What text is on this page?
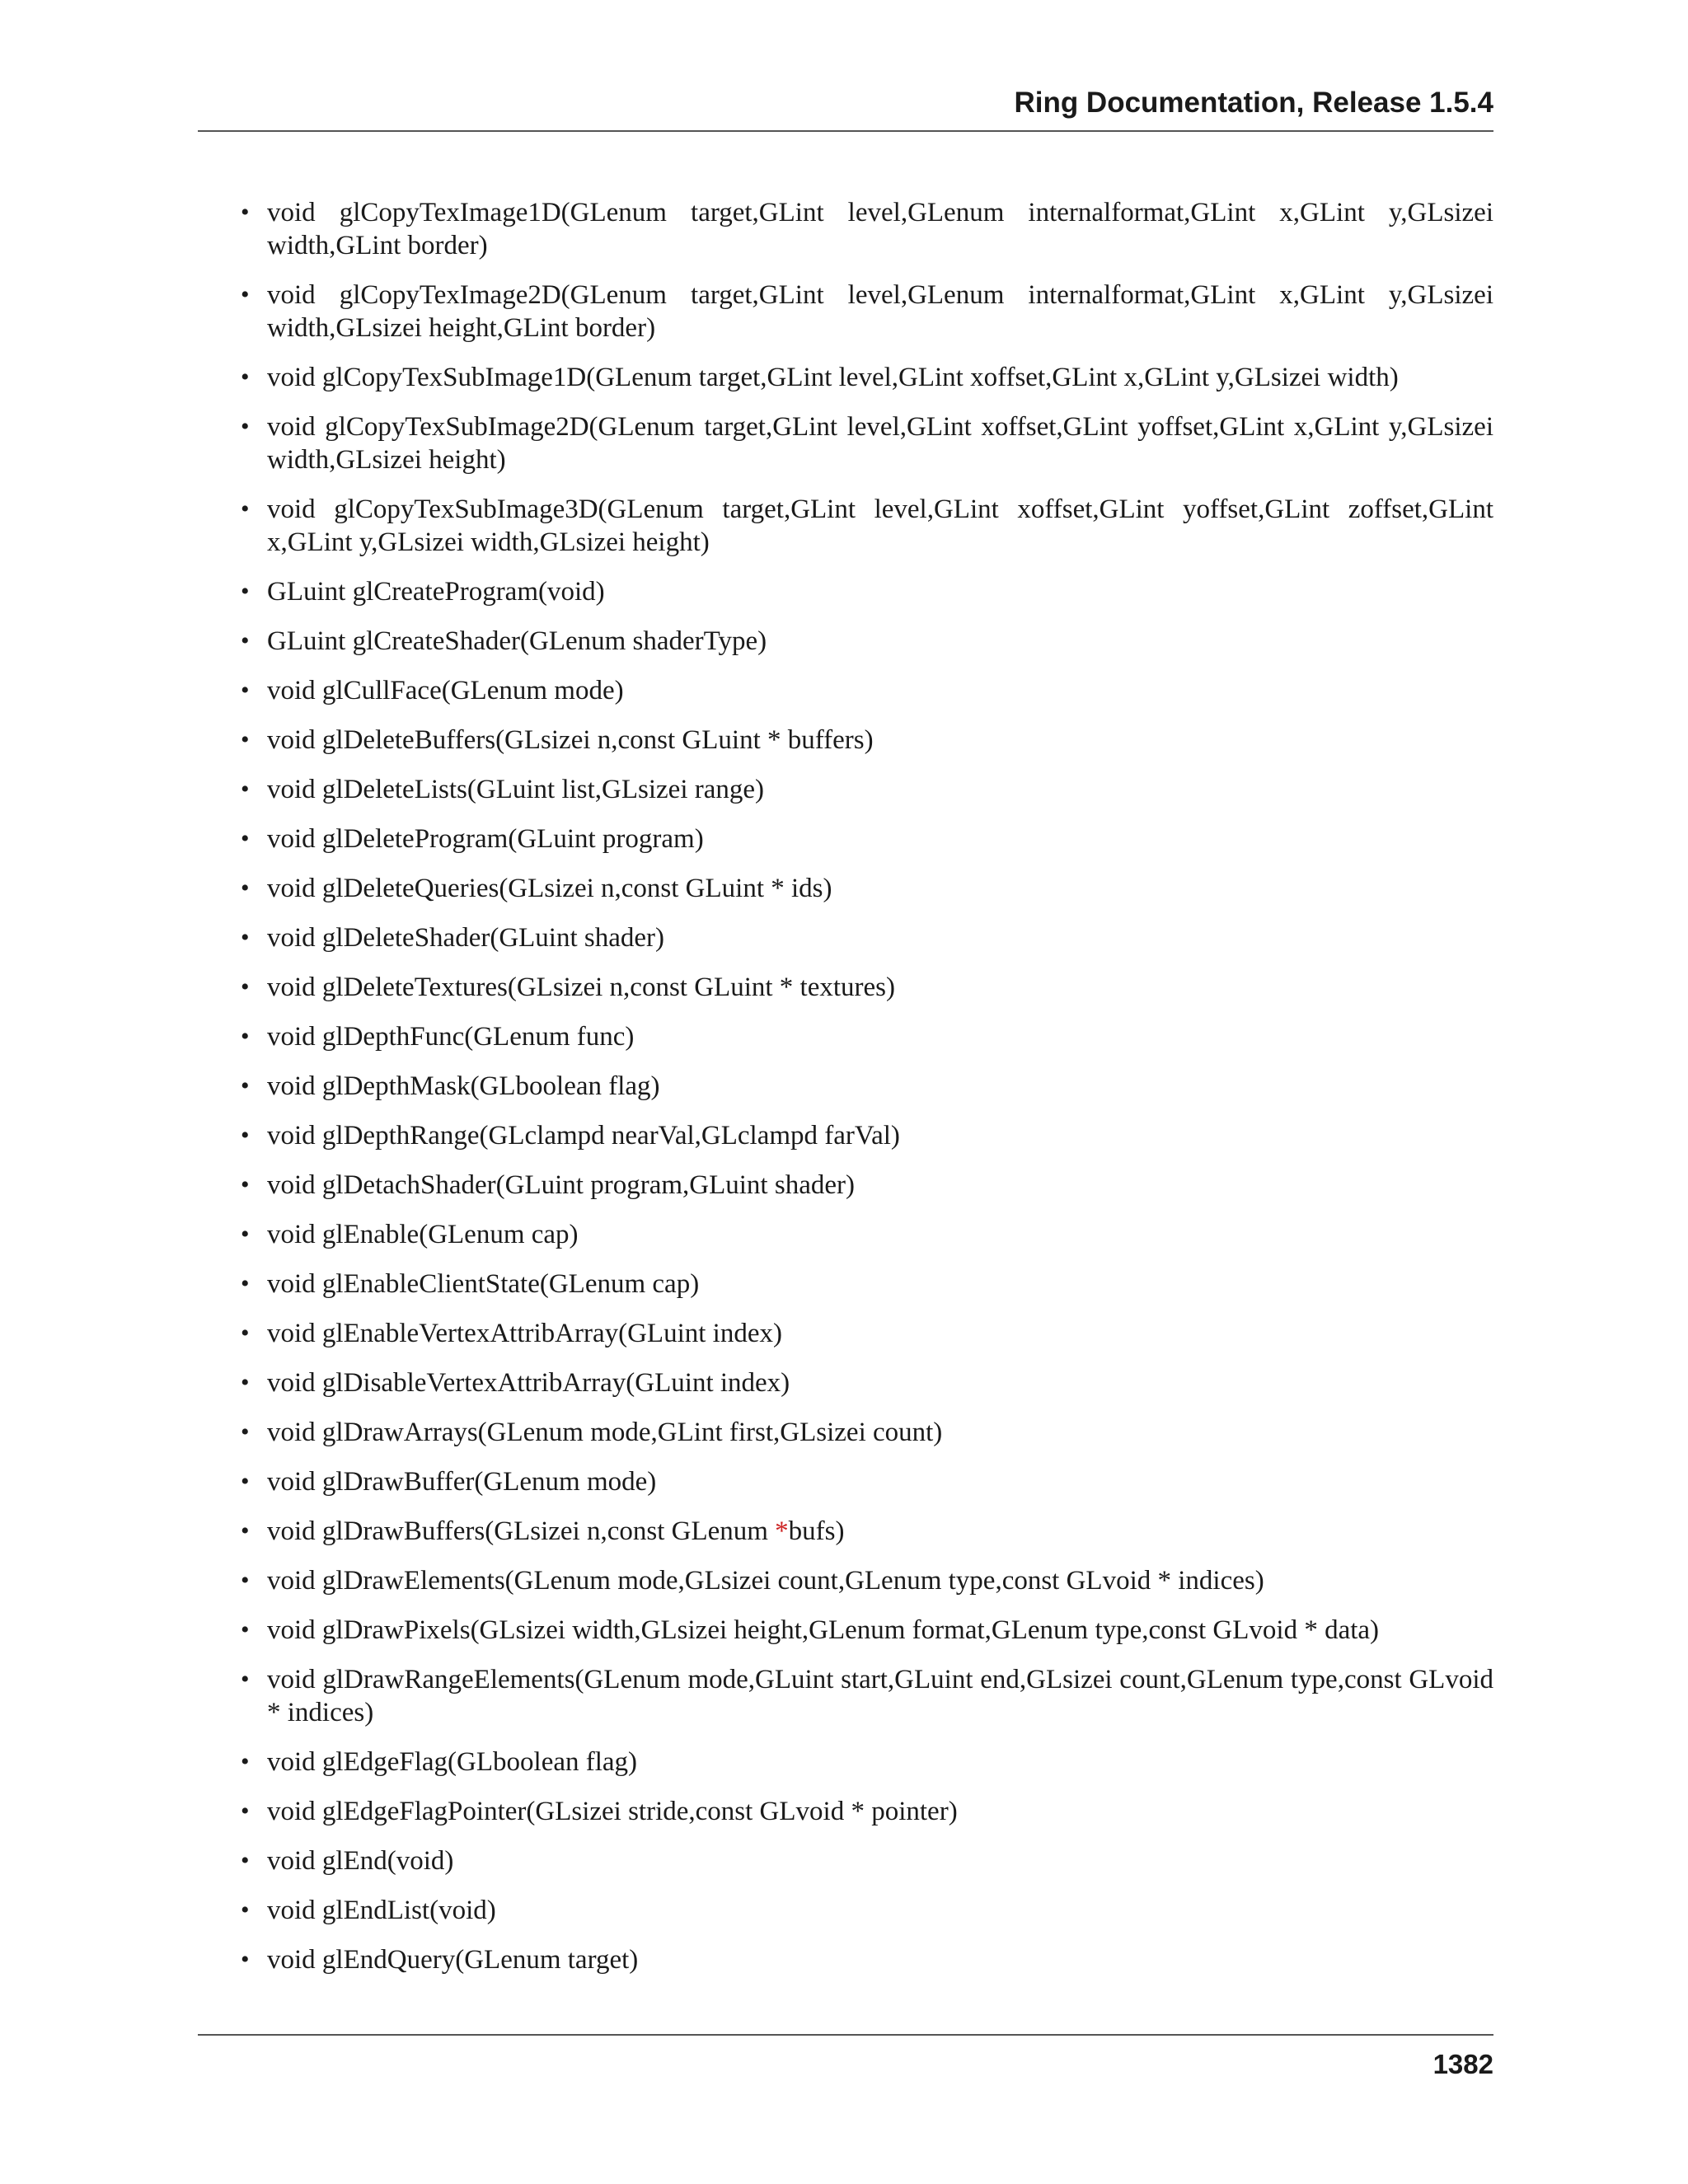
Ring Documentation, Release 1.5.4
• void glCopyTexImage1D(GLenum target,GLint level,GLenum internalformat,GLint x,GLint y,GLsizei width,GLint border)
• void glCopyTexImage2D(GLenum target,GLint level,GLenum internalformat,GLint x,GLint y,GLsizei width,GLsizei height,GLint border)
• void glCopyTexSubImage1D(GLenum target,GLint level,GLint xoffset,GLint x,GLint y,GLsizei width)
• void glCopyTexSubImage2D(GLenum target,GLint level,GLint xoffset,GLint yoffset,GLint x,GLint y,GLsizei width,GLsizei height)
• void glCopyTexSubImage3D(GLenum target,GLint level,GLint xoffset,GLint yoffset,GLint zoffset,GLint x,GLint y,GLsizei width,GLsizei height)
• GLuint glCreateProgram(void)
• GLuint glCreateShader(GLenum shaderType)
• void glCullFace(GLenum mode)
• void glDeleteBuffers(GLsizei n,const GLuint * buffers)
• void glDeleteLists(GLuint list,GLsizei range)
• void glDeleteProgram(GLuint program)
• void glDeleteQueries(GLsizei n,const GLuint * ids)
• void glDeleteShader(GLuint shader)
• void glDeleteTextures(GLsizei n,const GLuint * textures)
• void glDepthFunc(GLenum func)
• void glDepthMask(GLboolean flag)
• void glDepthRange(GLclampd nearVal,GLclampd farVal)
• void glDetachShader(GLuint program,GLuint shader)
• void glEnable(GLenum cap)
• void glEnableClientState(GLenum cap)
• void glEnableVertexAttribArray(GLuint index)
• void glDisableVertexAttribArray(GLuint index)
• void glDrawArrays(GLenum mode,GLint first,GLsizei count)
• void glDrawBuffer(GLenum mode)
• void glDrawBuffers(GLsizei n,const GLenum *bufs)
• void glDrawElements(GLenum mode,GLsizei count,GLenum type,const GLvoid * indices)
• void glDrawPixels(GLsizei width,GLsizei height,GLenum format,GLenum type,const GLvoid * data)
• void glDrawRangeElements(GLenum mode,GLuint start,GLuint end,GLsizei count,GLenum type,const GLvoid * indices)
• void glEdgeFlag(GLboolean flag)
• void glEdgeFlagPointer(GLsizei stride,const GLvoid * pointer)
• void glEnd(void)
• void glEndList(void)
• void glEndQuery(GLenum target)
1382
